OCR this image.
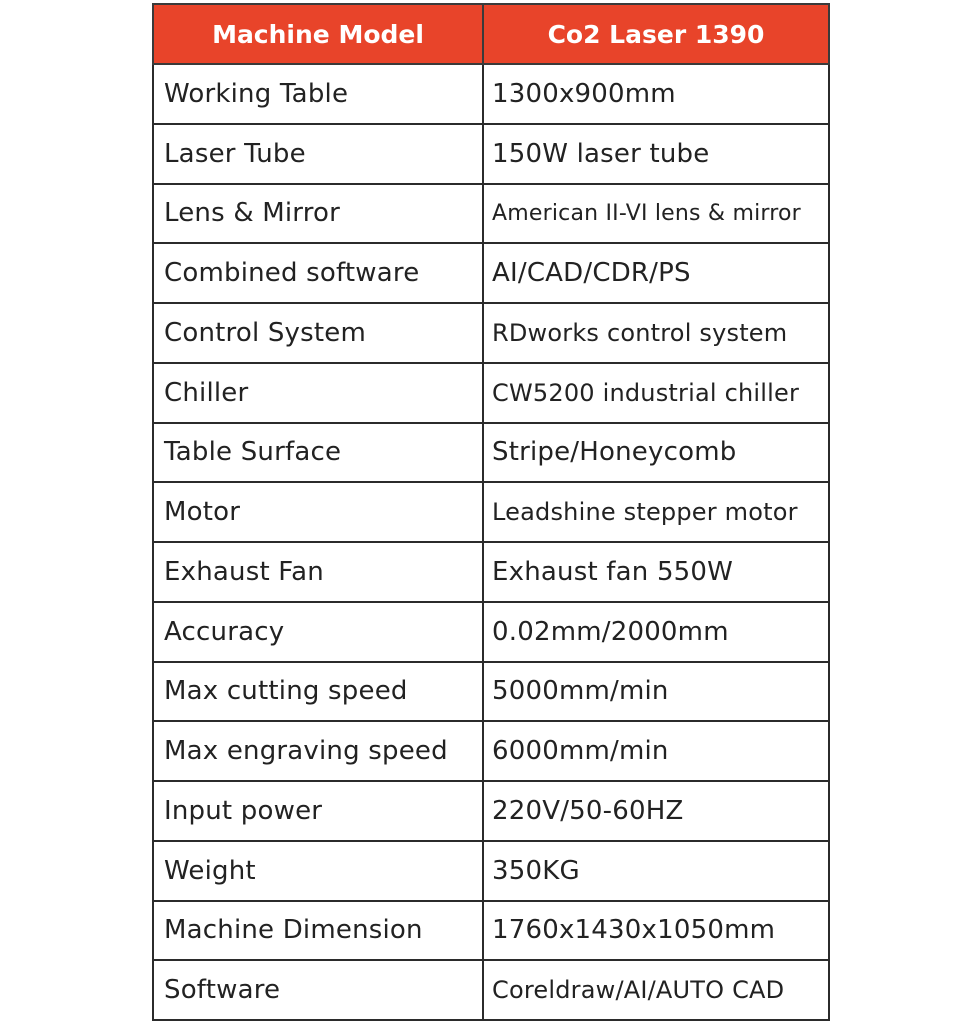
Machine Model	Co2 Laser 1390
Working Table	1300x900mm
Laser Tube	150W laser tube
Lens & Mirror	American II-VI lens & mirror
Combined software	AI/CAD/CDR/PS
Control System	RDworks control system
Chiller	CW5200 industrial chiller
Table Surface	Stripe/Honeycomb
Motor	Leadshine stepper motor
Exhaust Fan	Exhaust fan 550W
Accuracy	0.02mm/2000mm
Max cutting speed	5000mm/min
Max engraving speed	6000mm/min
Input power	220V/50-60HZ
Weight	350KG
Machine Dimension	1760x1430x1050mm
Software	Coreldraw/AI/AUTO CAD
